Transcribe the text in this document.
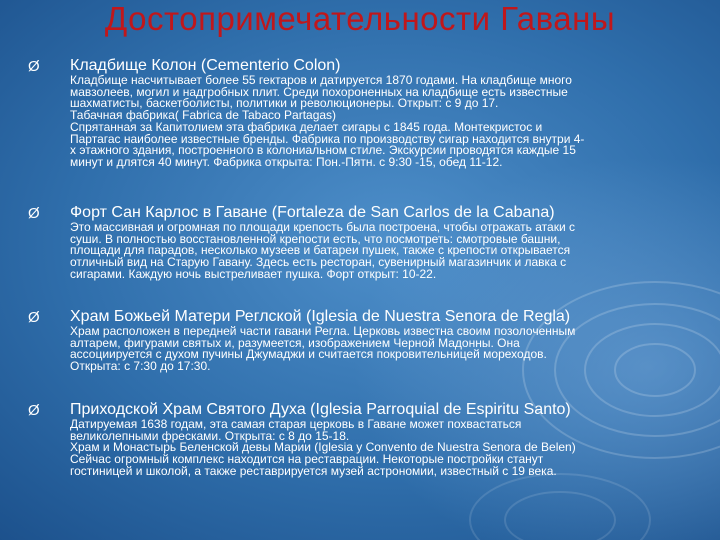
Достопримечательности Гаваны
Ø Кладбище Колон (Cementerio Colon)
Кладбище насчитывает более 55 гектаров и датируется 1870 годами. На кладбище много
мавзолеев, могил и надгробных плит. Среди похороненных на кладбище есть известные
шахматисты, баскетболисты, политики и революционеры. Открыт: с 9 до 17.
Табачная фабрика( Fabrica de Tabaco Partagas)
Спрятанная за Капитолием эта фабрика делает сигары с 1845 года. Монтекристос и
Партагас наиболее известные бренды. Фабрика по производству сигар находится внутри 4-
х этажного здания, построенного в колониальном стиле. Экскурсии проводятся каждые 15
минут и длятся 40 минут. Фабрика открыта: Пон.-Пятн. с 9:30 -15, обед 11-12.
Ø Форт Сан Карлос в Гаване (Fortaleza de San Carlos de la Cabana)
Это массивная и огромная по площади крепость была построена, чтобы отражать атаки с
суши. В полностью восстановленной крепости есть, что посмотреть: смотровые башни,
площади для парадов, несколько музеев и батареи пушек, также с крепости открывается
отличный вид на Старую Гавану. Здесь есть ресторан, сувенирный магазинчик и лавка с
сигарами. Каждую ночь выстреливает пушка. Форт открыт: 10-22.
Ø Храм Божьей Матери Реглской (Iglesia de Nuestra Senora de Regla)
Храм расположен в передней части гавани Регла. Церковь известна своим позолоченным
алтарем, фигурами святых и, разумеется, изображением Черной Мадонны. Она
ассоциируется с духом пучины Джумаджи и считается покровительницей мореходов.
Открыта: с 7:30 до 17:30.
Ø Приходской Храм Святого Духа (Iglesia Parroquial de Espiritu Santo)
Датируемая 1638 годам, эта самая старая церковь в Гаване может похвастаться
великолепными фресками. Открыта: с 8 до 15-18.
Храм и Монастырь Беленской девы Марии (Iglesia y Convento de Nuestra Senora de Belen)
Сейчас огромный комплекс находится на реставрации. Некоторые постройки станут
гостиницей и школой, а также реставрируется музей астрономии, известный с 19 века.
